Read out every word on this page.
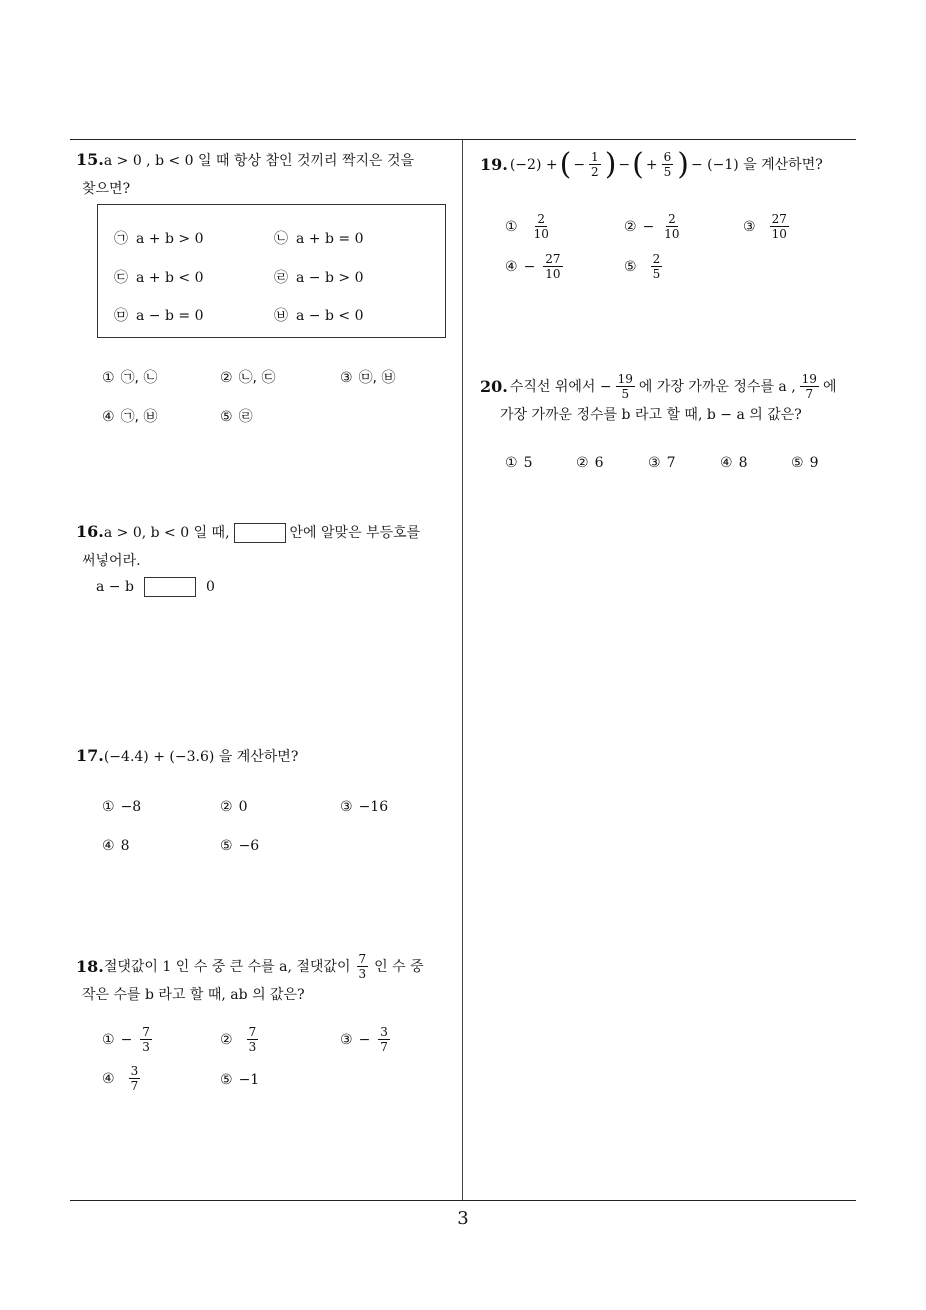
3
15.a > 0 , b < 0 일 때 항상 참인 것끼리 짝지은 것을
찾으면?
㉠ a + b > 0	㉡ a + b = 0
㉢ a + b < 0	㉣ a − b > 0
㉤ a − b = 0	㉥ a − b < 0
① ㉠, ㉡	② ㉡, ㉢	③ ㉤, ㉥
④ ㉠, ㉥	⑤ ㉣
16.a > 0, b < 0 일 때,	안에 알맞은 부등호를
써넣어라.
a − b	0
17.(−4.4) + (−3.6) 을 계산하면?
① −8	② 0	③ −16
④ 8	⑤ −6
18. 절댓값이 1 인 수 중 큰 수를 a, 절댓값이 $\frac{7}{3}$ 인 수 중
작은 수를 b 라고 할 때, ab 의 값은?
① − $\frac{7}{3}$	② $\frac{7}{3}$	③ − $\frac{3}{7}$
④ $\frac{3}{7}$	⑤ −1
19. (−2) + ( − $\frac{1}{2}$ ) − ( + $\frac{6}{5}$ ) − (−1) 을 계산하면?
① $\frac{2}{10}$	② − $\frac{2}{10}$	③ $\frac{27}{10}$
④ − $\frac{27}{10}$	⑤ $\frac{2}{5}$
20. 수직선 위에서 − $\frac{19}{5}$ 에 가장 가까운 정수를 a , $\frac{19}{7}$ 에
가장 가까운 정수를 b 라고 할 때, b − a 의 값은?
① 5	② 6	③ 7	④ 8	⑤ 9
